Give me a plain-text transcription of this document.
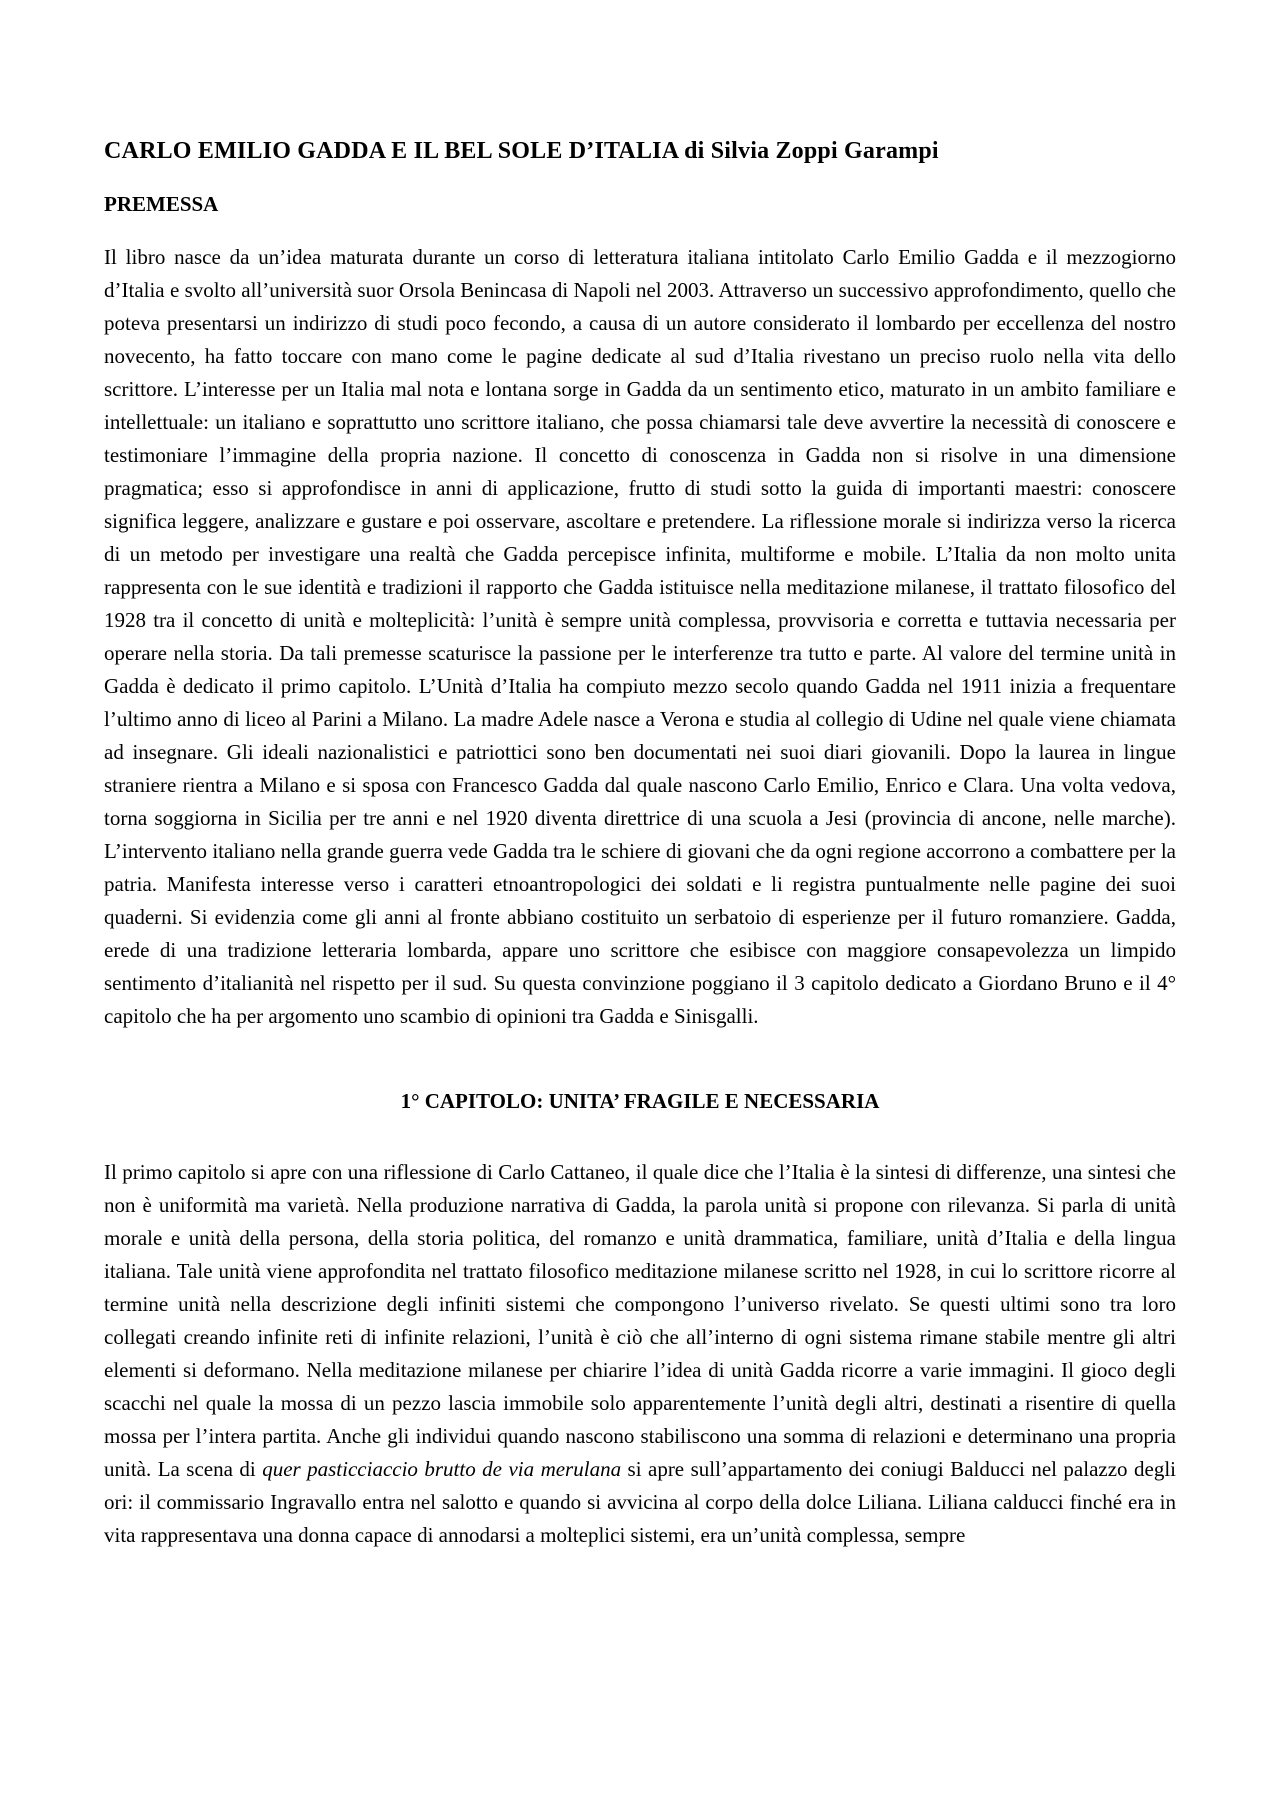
CARLO EMILIO GADDA E IL BEL SOLE D’ITALIA di Silvia Zoppi Garampi
PREMESSA

Il libro nasce da un’idea maturata durante un corso di letteratura italiana intitolato Carlo Emilio Gadda e il mezzogiorno d’Italia e svolto all’università suor Orsola Benincasa di Napoli nel 2003. Attraverso un successivo approfondimento, quello che poteva presentarsi un indirizzo di studi poco fecondo, a causa di un autore considerato il lombardo per eccellenza del nostro novecento, ha fatto toccare con mano come le pagine dedicate al sud d’Italia rivestano un preciso ruolo nella vita dello scrittore. L’interesse per un Italia mal nota e lontana sorge in Gadda da un sentimento etico, maturato in un ambito familiare e intellettuale: un italiano e soprattutto uno scrittore italiano, che possa chiamarsi tale deve avvertire la necessità di conoscere e testimoniare l’immagine della propria nazione. Il concetto di conoscenza in Gadda non si risolve in una dimensione pragmatica; esso si approfondisce in anni di applicazione, frutto di studi sotto la guida di importanti maestri: conoscere significa leggere, analizzare e gustare e poi osservare, ascoltare e pretendere. La riflessione morale si indirizza verso la ricerca di un metodo per investigare una realtà che Gadda percepisce infinita, multiforme e mobile. L’Italia da non molto unita rappresenta con le sue identità e tradizioni il rapporto che Gadda istituisce nella meditazione milanese, il trattato filosofico del 1928 tra il concetto di unità e molteplicità: l’unità è sempre unità complessa, provvisoria e corretta e tuttavia necessaria per operare nella storia. Da tali premesse scaturisce la passione per le interferenze tra tutto e parte. Al valore del termine unità in Gadda è dedicato il primo capitolo. L’Unità d’Italia ha compiuto mezzo secolo quando Gadda nel 1911 inizia a frequentare l’ultimo anno di liceo al Parini a Milano. La madre Adele nasce a Verona e studia al collegio di Udine nel quale viene chiamata ad insegnare. Gli ideali nazionalistici e patriottici sono ben documentati nei suoi diari giovanili. Dopo la laurea in lingue straniere rientra a Milano e si sposa con Francesco Gadda dal quale nascono Carlo Emilio, Enrico e Clara. Una volta vedova, torna soggiorna in Sicilia per tre anni e nel 1920 diventa direttrice di una scuola a Jesi (provincia di ancone, nelle marche). L’intervento italiano nella grande guerra vede Gadda tra le schiere di giovani che da ogni regione accorrono a combattere per la patria. Manifesta interesse verso i caratteri etnoantropologici dei soldati e li registra puntualmente nelle pagine dei suoi quaderni. Si evidenzia come gli anni al fronte abbiano costituito un serbatoio di esperienze per il futuro romanziere. Gadda, erede di una tradizione letteraria lombarda, appare uno scrittore che esibisce con maggiore consapevolezza un limpido sentimento d’italianità nel rispetto per il sud. Su questa convinzione poggiano il 3 capitolo dedicato a Giordano Bruno e il 4° capitolo che ha per argomento uno scambio di opinioni tra Gadda e Sinisgalli.

1° CAPITOLO: UNITA’ FRAGILE E NECESSARIA

Il primo capitolo si apre con una riflessione di Carlo Cattaneo, il quale dice che l’Italia è la sintesi di differenze, una sintesi che non è uniformità ma varietà. Nella produzione narrativa di Gadda, la parola unità si propone con rilevanza. Si parla di unità morale e unità della persona, della storia politica, del romanzo e unità drammatica, familiare, unità d’Italia e della lingua italiana. Tale unità viene approfondita nel trattato filosofico meditazione milanese scritto nel 1928, in cui lo scrittore ricorre al termine unità nella descrizione degli infiniti sistemi che compongono l’universo rivelato. Se questi ultimi sono tra loro collegati creando infinite reti di infinite relazioni, l’unità è ciò che all’interno di ogni sistema rimane stabile mentre gli altri elementi si deformano. Nella meditazione milanese per chiarire l’idea di unità Gadda ricorre a varie immagini. Il gioco degli scacchi nel quale la mossa di un pezzo lascia immobile solo apparentemente l’unità degli altri, destinati a risentire di quella mossa per l’intera partita. Anche gli individui quando nascono stabiliscono una somma di relazioni e determinano una propria unità. La scena di quer pasticciaccio brutto de via merulana si apre sull’appartamento dei coniugi Balducci nel palazzo degli ori: il commissario Ingravallo entra nel salotto e quando si avvicina al corpo della dolce Liliana. Liliana calducci finché era in vita rappresentava una donna capace di annodarsi a molteplici sistemi, era un’unità complessa, sempre
